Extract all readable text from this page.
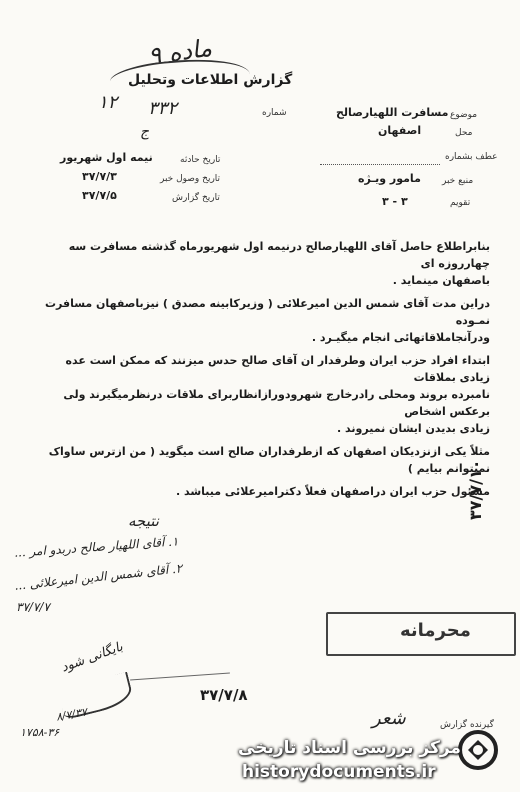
ماده ۹
گزارش اطلاعات وتحلیل
۱۲	شماره
۳۳۲
ج
موضوع
مسافرت اللهیارصالح
محل
اصفهان
عطف بشماره
منبع خبر
مامور ویـژه
تقویم
۳ - ۳
تاریخ حادثه
نیمه اول شهریور
تاریخ وصول خبر
۳۷/۷/۳
تاریخ گزارش
۳۷/۷/۵
بنابراطلاع حاصل آقای اللهیارصالح درنیمه اول شهریورماه گذشته مسافرت سه چهارروزه ای
باصفهان مینماید .
دراین مدت آقای شمس الدین امیرعلائی ( وزیرکابینه مصدق ) نیزباصفهان مسافرت نمـوده
ودرآنجاملاقاتهائی انجام میگیـرد .
ابتداء افراد حزب ایران وطرفدار ان آقای صالح حدس میزنند که ممکن است عده زیادی بملاقات
نامبرده بروند ومحلی رادرخارج شهرودورازانظاربرای ملاقات درنظرمیگیرند ولی برعکس اشخاص
زیادی بدیدن ایشان نمیروند .
مثلاً یکی ازنزدیکان اصفهان که ازطرفداران صالح است میگوید ( من ازترس ساواک نمیتوانم بیایم )
مسئول حزب ایران دراصفهان فعلاً دکترامیرعلائی میباشد .
نتیجه
۱. آقای اللهیار صالح دربدو امر ...
۲. آقای شمس الدین امیرعلائی ...
۳۷/۷/۷
۳۷/۷/۱۰
محرمانه
بایگانی شود
۸/۷/۳۷
۱۷۵۸-۳۶
۳۷/۷/۸
گیرنده گزارش
شعر
مرکز بررسی اسناد تاریخی
historydocuments.ir
